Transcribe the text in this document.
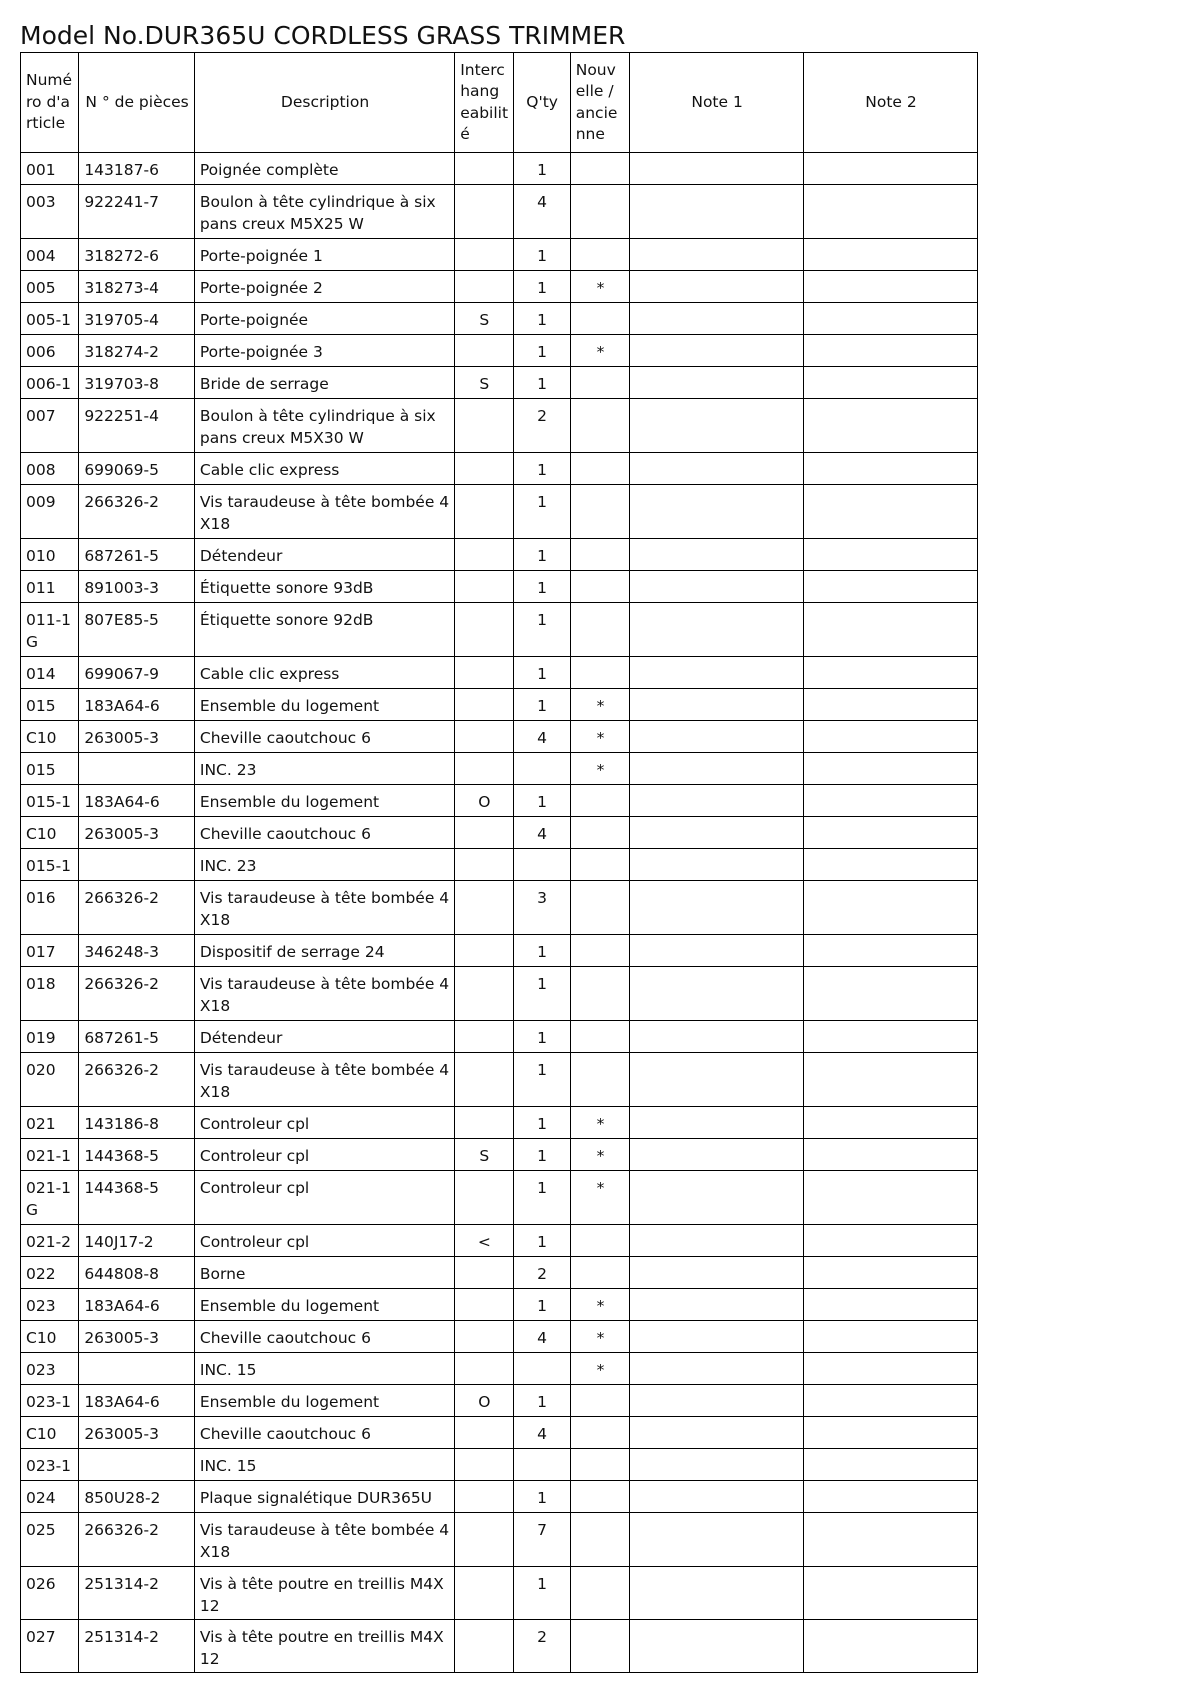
Model No.DUR365U CORDLESS GRASS TRIMMER
Numéro d'article	N ° de pièces	Description	Interchangeabilité	Q'ty	Nouvelle / ancienne	Note 1	Note 2
001	143187-6	Poignée complète		1			
003	922241-7	Boulon à tête cylindrique à six pans creux M5X25 W		4			
004	318272-6	Porte-poignée 1		1			
005	318273-4	Porte-poignée 2		1	*		
005-1	319705-4	Porte-poignée	S	1			
006	318274-2	Porte-poignée 3		1	*		
006-1	319703-8	Bride de serrage	S	1			
007	922251-4	Boulon à tête cylindrique à six pans creux M5X30 W		2			
008	699069-5	Cable clic express		1			
009	266326-2	Vis taraudeuse à tête bombée 4X18		1			
010	687261-5	Détendeur		1			
011	891003-3	Étiquette sonore 93dB		1			
011-1G	807E85-5	Étiquette sonore 92dB		1			
014	699067-9	Cable clic express		1			
015	183A64-6	Ensemble du logement		1	*		
C10	263005-3	Cheville caoutchouc 6		4	*		
015		INC. 23			*		
015-1	183A64-6	Ensemble du logement	O	1			
C10	263005-3	Cheville caoutchouc 6		4			
015-1		INC. 23					
016	266326-2	Vis taraudeuse à tête bombée 4X18		3			
017	346248-3	Dispositif de serrage 24		1			
018	266326-2	Vis taraudeuse à tête bombée 4X18		1			
019	687261-5	Détendeur		1			
020	266326-2	Vis taraudeuse à tête bombée 4X18		1			
021	143186-8	Controleur cpl		1	*		
021-1	144368-5	Controleur cpl	S	1	*		
021-1G	144368-5	Controleur cpl		1	*		
021-2	140J17-2	Controleur cpl	<	1			
022	644808-8	Borne		2			
023	183A64-6	Ensemble du logement		1	*		
C10	263005-3	Cheville caoutchouc 6		4	*		
023		INC. 15			*		
023-1	183A64-6	Ensemble du logement	O	1			
C10	263005-3	Cheville caoutchouc 6		4			
023-1		INC. 15					
024	850U28-2	Plaque signalétique DUR365U		1			
025	266326-2	Vis taraudeuse à tête bombée 4X18		7			
026	251314-2	Vis à tête poutre en treillis M4X12		1			
027	251314-2	Vis à tête poutre en treillis M4X12		2			
